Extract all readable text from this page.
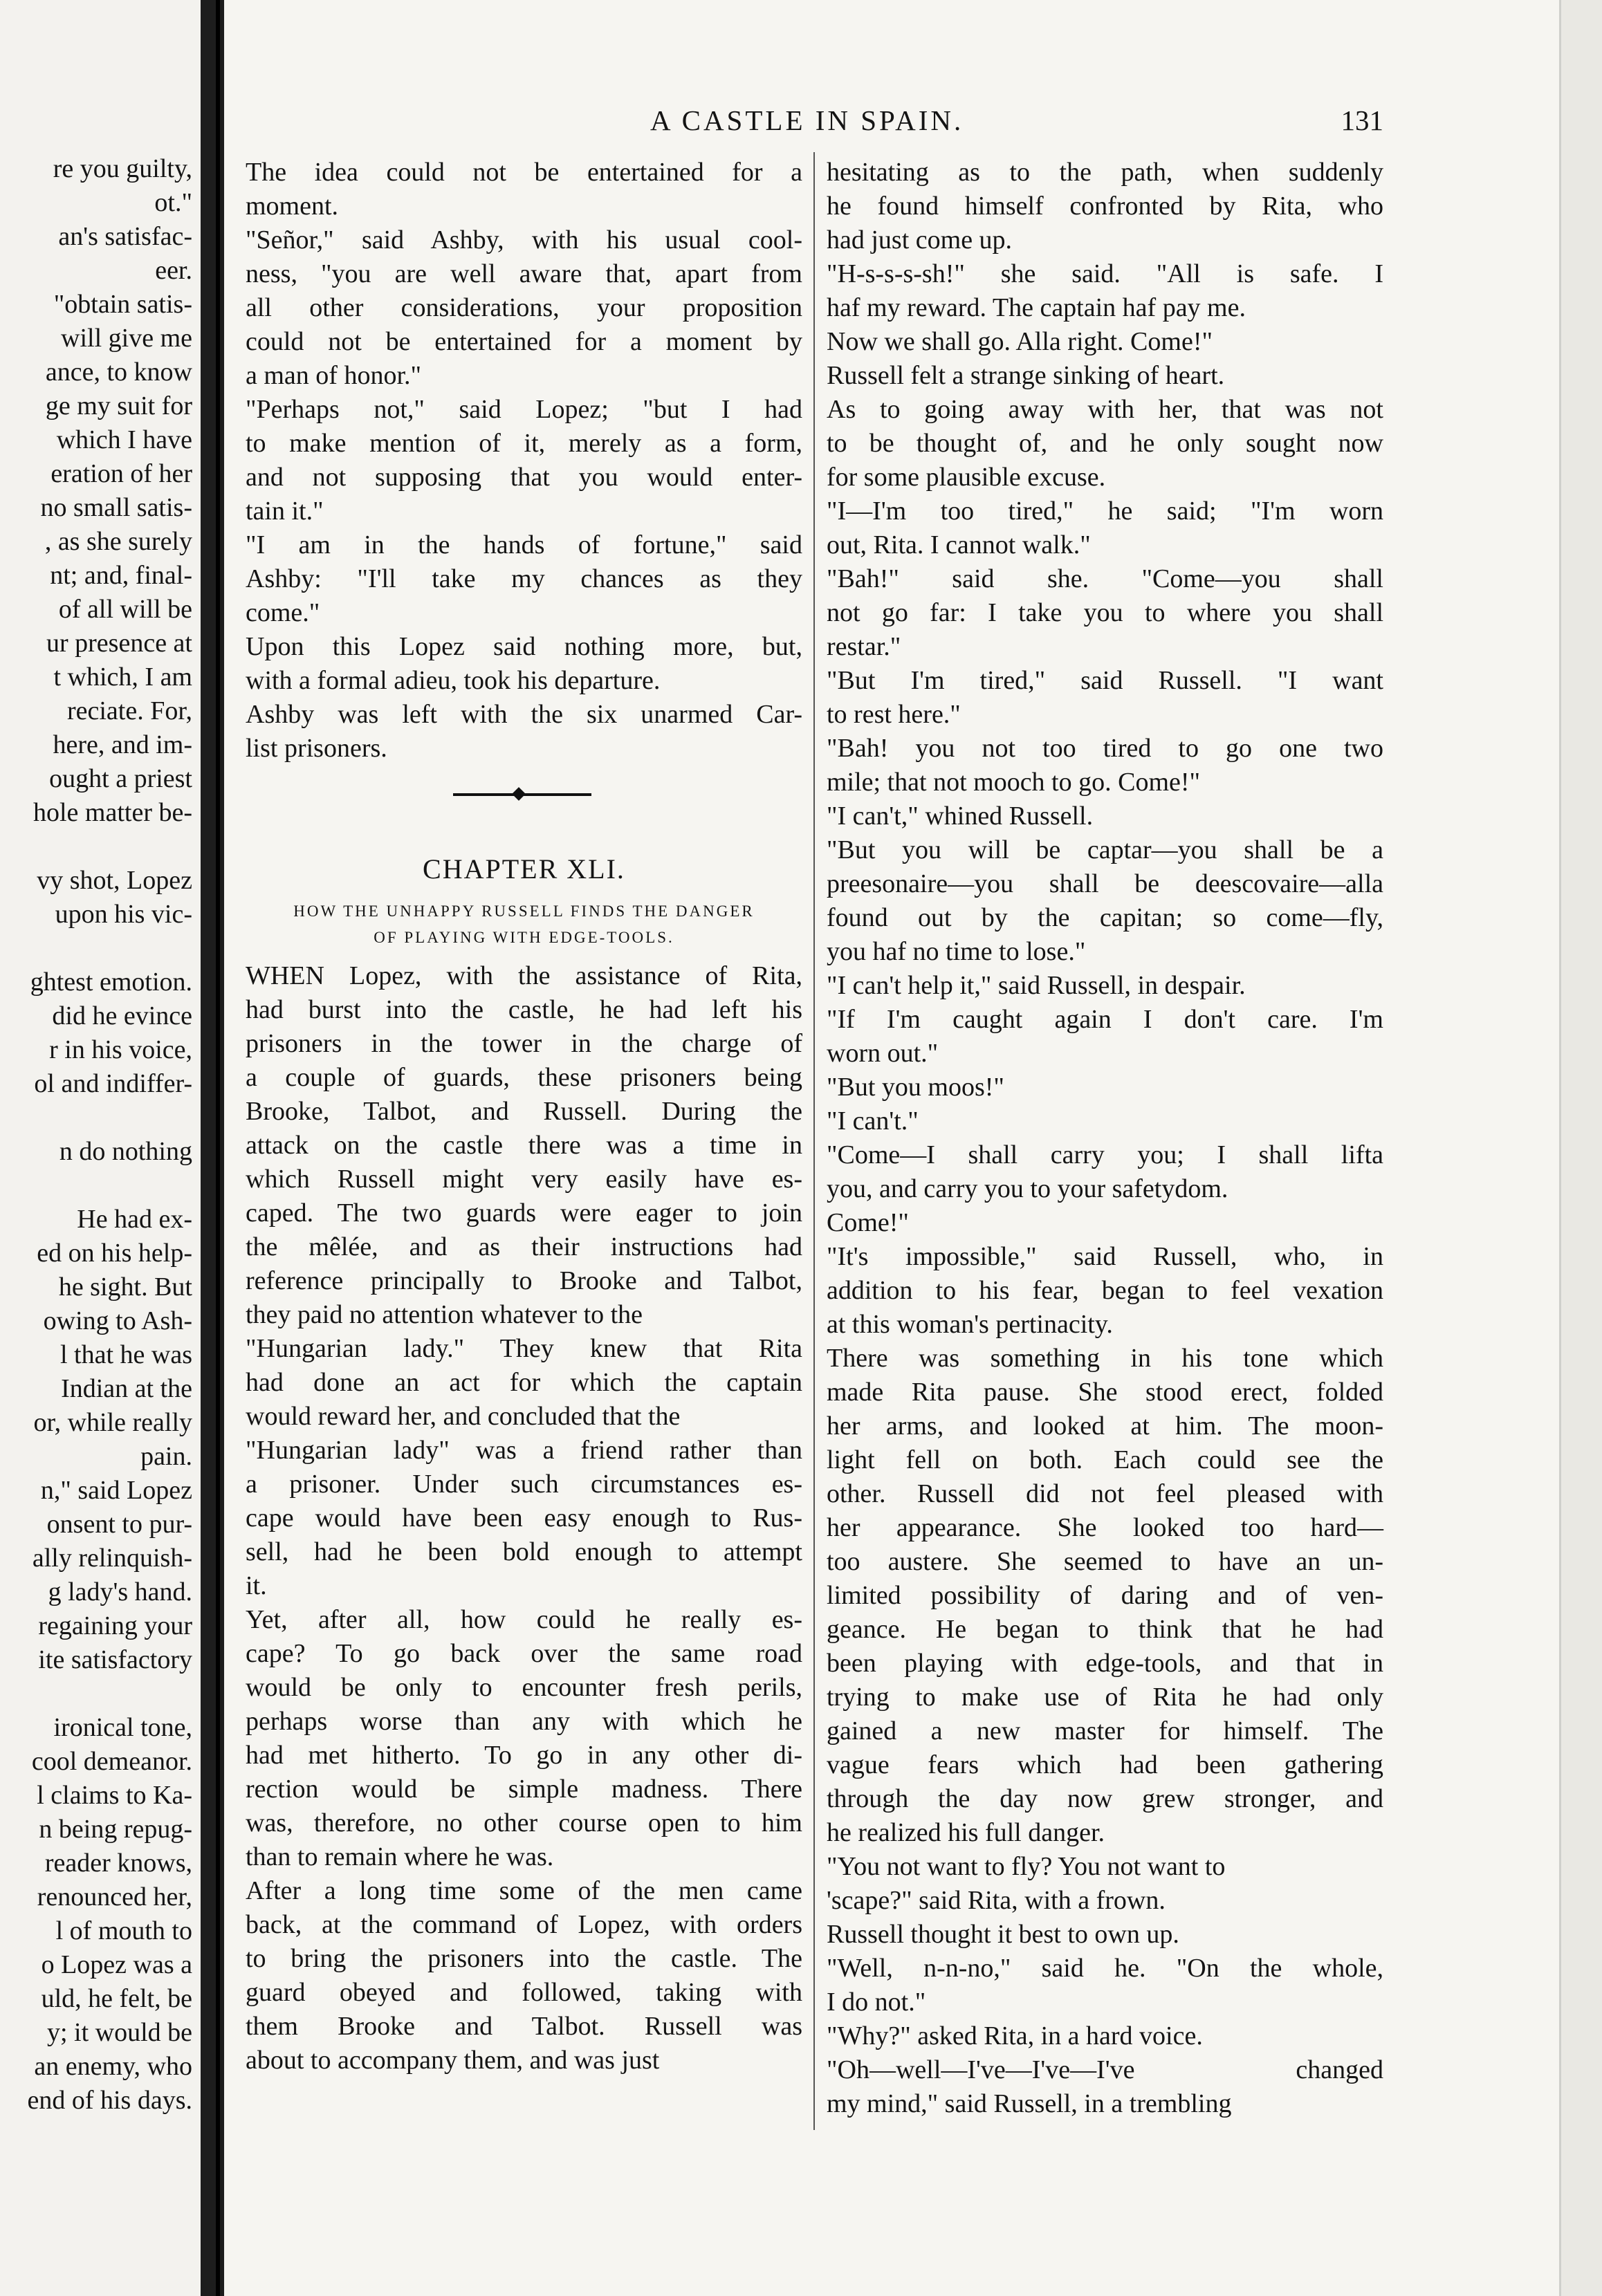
re you guilty,
ot."
an's satisfac-
eer.
"obtain satis-
will give me
ance, to know
ge my suit for
which I have
eration of her
no small satis-
, as she surely
nt; and, final-
of all will be
ur presence at
t which, I am
reciate. For,
here, and im-
ought a priest
hole matter be-
vy shot, Lopez
upon his vic-
ghtest emotion.
did he evince
r in his voice,
ol and indiffer-
n do nothing
He had ex-
ed on his help-
he sight. But
owing to Ash-
l that he was
Indian at the
or, while really
pain.
n," said Lopez
onsent to pur-
ally relinquish-
g lady's hand.
regaining your
ite satisfactory
ironical tone,
cool demeanor.
l claims to Ka-
n being repug-
reader knows,
renounced her,
l of mouth to
o Lopez was a
uld, he felt, be
y; it would be
an enemy, who
end of his days.
A CASTLE IN SPAIN.	131
The idea could not be entertained for a
moment.
"Señor," said Ashby, with his usual cool-
ness, "you are well aware that, apart from
all other considerations, your proposition
could not be entertained for a moment by
a man of honor."
"Perhaps not," said Lopez; "but I had
to make mention of it, merely as a form,
and not supposing that you would enter-
tain it."
"I am in the hands of fortune," said
Ashby: "I'll take my chances as they
come."
Upon this Lopez said nothing more, but,
with a formal adieu, took his departure.
Ashby was left with the six unarmed Car-
list prisoners.
CHAPTER XLI.
HOW THE UNHAPPY RUSSELL FINDS THE DANGER
OF PLAYING WITH EDGE-TOOLS.
WHEN Lopez, with the assistance of Rita,
had burst into the castle, he had left his
prisoners in the tower in the charge of
a couple of guards, these prisoners being
Brooke, Talbot, and Russell. During the
attack on the castle there was a time in
which Russell might very easily have es-
caped. The two guards were eager to join
the mêlée, and as their instructions had
reference principally to Brooke and Talbot,
they paid no attention whatever to the
"Hungarian lady." They knew that Rita
had done an act for which the captain
would reward her, and concluded that the
"Hungarian lady" was a friend rather than
a prisoner. Under such circumstances es-
cape would have been easy enough to Rus-
sell, had he been bold enough to attempt
it.
Yet, after all, how could he really es-
cape? To go back over the same road
would be only to encounter fresh perils,
perhaps worse than any with which he
had met hitherto. To go in any other di-
rection would be simple madness. There
was, therefore, no other course open to him
than to remain where he was.
After a long time some of the men came
back, at the command of Lopez, with orders
to bring the prisoners into the castle. The
guard obeyed and followed, taking with
them Brooke and Talbot. Russell was
about to accompany them, and was just
hesitating as to the path, when suddenly
he found himself confronted by Rita, who
had just come up.
"H-s-s-s-sh!" she said. "All is safe. I
haf my reward. The captain haf pay me.
Now we shall go. Alla right. Come!"
Russell felt a strange sinking of heart.
As to going away with her, that was not
to be thought of, and he only sought now
for some plausible excuse.
"I—I'm too tired," he said; "I'm worn
out, Rita. I cannot walk."
"Bah!" said she. "Come—you shall
not go far: I take you to where you shall
restar."
"But I'm tired," said Russell. "I want
to rest here."
"Bah! you not too tired to go one two
mile; that not mooch to go. Come!"
"I can't," whined Russell.
"But you will be captar—you shall be a
preesonaire—you shall be deescovaire—alla
found out by the capitan; so come—fly,
you haf no time to lose."
"I can't help it," said Russell, in despair.
"If I'm caught again I don't care. I'm
worn out."
"But you moos!"
"I can't."
"Come—I shall carry you; I shall lifta
you, and carry you to your safetydom.
Come!"
"It's impossible," said Russell, who, in
addition to his fear, began to feel vexation
at this woman's pertinacity.
There was something in his tone which
made Rita pause. She stood erect, folded
her arms, and looked at him. The moon-
light fell on both. Each could see the
other. Russell did not feel pleased with
her appearance. She looked too hard—
too austere. She seemed to have an un-
limited possibility of daring and of ven-
geance. He began to think that he had
been playing with edge-tools, and that in
trying to make use of Rita he had only
gained a new master for himself. The
vague fears which had been gathering
through the day now grew stronger, and
he realized his full danger.
"You not want to fly? You not want to
'scape?" said Rita, with a frown.
Russell thought it best to own up.
"Well, n-n-no," said he. "On the whole,
I do not."
"Why?" asked Rita, in a hard voice.
"Oh—well—I've—I've—I've changed
my mind," said Russell, in a trembling
